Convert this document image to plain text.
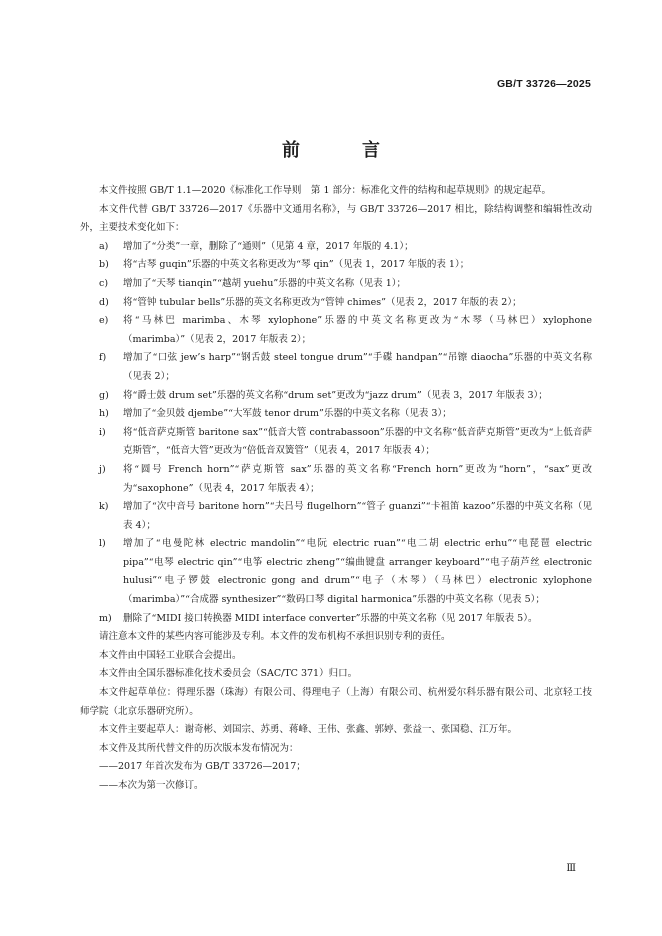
GB/T 33726—2025
前　言

本文件按照 GB/T 1.1—2020《标准化工作导则　第 1 部分：标准化文件的结构和起草规则》的规定起草。

本文件代替 GB/T 33726—2017《乐器中文通用名称》，与 GB/T 33726—2017 相比，除结构调整和编辑性改动外，主要技术变化如下：

a)	增加了“分类”一章，删除了“通则”（见第 4 章，2017 年版的 4.1）；
b)	将“古琴 guqin”乐器的中英文名称更改为“琴 qin”（见表 1，2017 年版的表 1）；
c)	增加了“天琴 tianqin”“越胡 yuehu”乐器的中英文名称（见表 1）；
d)	将“管钟 tubular bells”乐器的英文名称更改为“管钟 chimes”（见表 2，2017 年版的表 2）；
e)	将“马林巴 marimba、木琴 xylophone”乐器的中英文名称更改为“木琴（马林巴）xylophone（marimba）”（见表 2，2017 年版表 2）；
f)	增加了“口弦 jew’s harp”“钢舌鼓 steel tongue drum”“手碟 handpan”“吊镲 diaocha”乐器的中英文名称（见表 2）；
g)	将“爵士鼓 drum set”乐器的英文名称“drum set”更改为“jazz drum”（见表 3，2017 年版表 3）；
h)	增加了“金贝鼓 djembe”“大军鼓 tenor drum”乐器的中英文名称（见表 3）；
i)	将“低音萨克斯管 baritone sax”“低音大管 contrabassoon”乐器的中文名称“低音萨克斯管”更改为“上低音萨克斯管”，“低音大管”更改为“倍低音双簧管”（见表 4，2017 年版表 4）；
j)	将“圆号 French horn”“萨克斯管 sax”乐器的英文名称“French horn”更改为“horn”，“sax”更改为“saxophone”（见表 4，2017 年版表 4）；
k)	增加了“次中音号 baritone horn”“夫吕号 flugelhorn”“管子 guanzi”“卡祖笛 kazoo”乐器的中英文名称（见表 4）；
l)	增加了“电曼陀林 electric mandolin”“电阮 electric ruan”“电二胡 electric erhu”“电琵琶 electric pipa”“电琴 electric qin”“电筝 electric zheng”“编曲键盘 arranger keyboard”“电子葫芦丝 electronic hulusi”“电子锣鼓 electronic gong and drum”“电子（木琴）（马林巴）electronic xylophone（marimba）”“合成器 synthesizer”“数码口琴 digital harmonica”乐器的中英文名称（见表 5）；
m)	删除了“MIDI 接口转换器 MIDI interface converter”乐器的中英文名称（见 2017 年版表 5）。

请注意本文件的某些内容可能涉及专利。本文件的发布机构不承担识别专利的责任。

本文件由中国轻工业联合会提出。

本文件由全国乐器标准化技术委员会（SAC/TC 371）归口。

本文件起草单位：得理乐器（珠海）有限公司、得理电子（上海）有限公司、杭州爱尔科乐器有限公司、北京轻工技师学院（北京乐器研究所）。

本文件主要起草人：谢奇彬、刘国宗、苏勇、蒋峰、王伟、张鑫、郭婷、张益一、张国稳、江万年。

本文件及其所代替文件的历次版本发布情况为：

——2017 年首次发布为 GB/T 33726—2017；

——本次为第一次修订。

Ⅲ
